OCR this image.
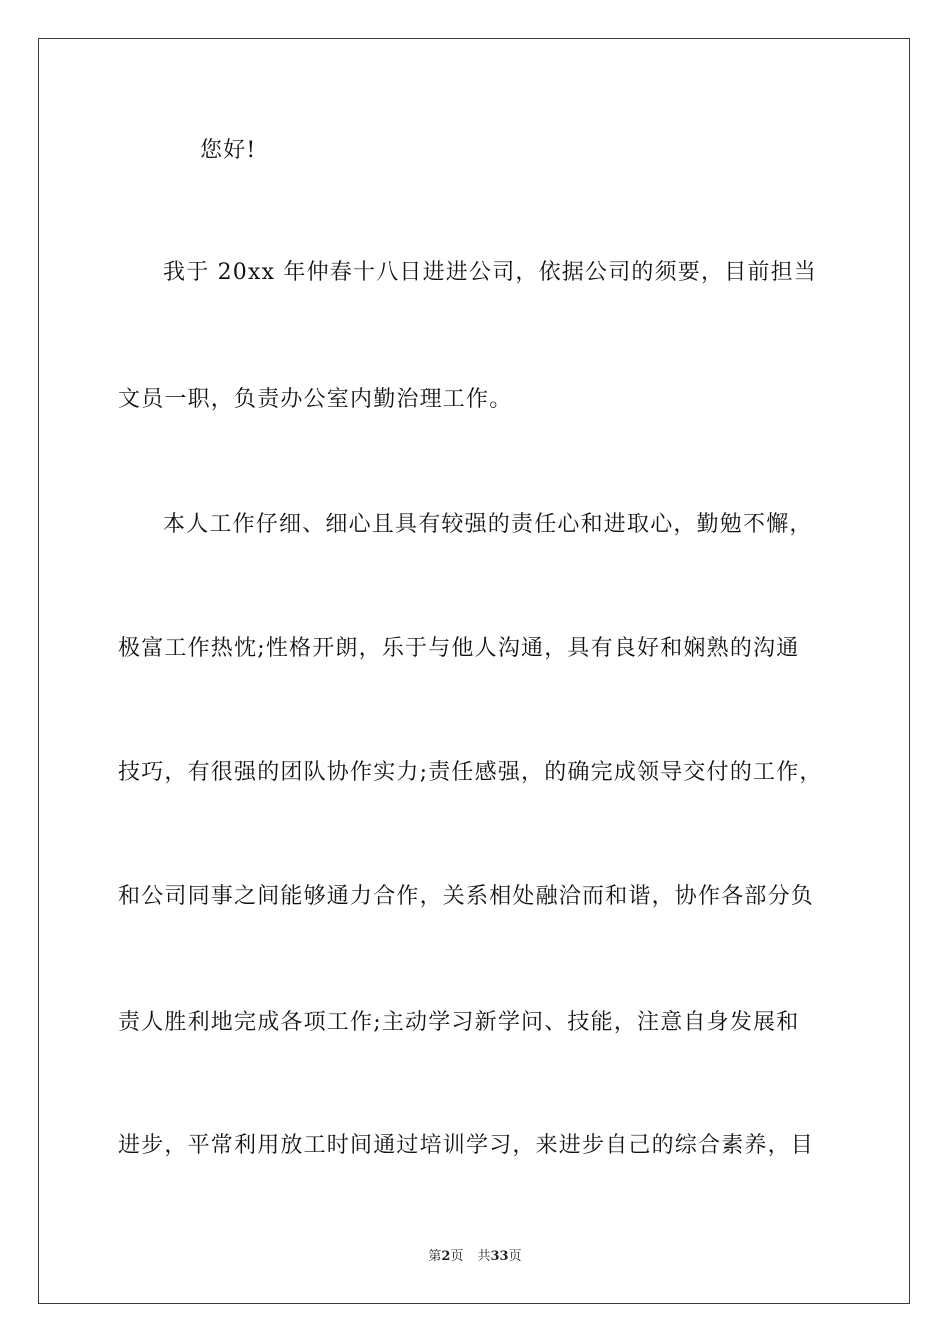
您好!
我于 20xx 年仲春十八日进进公司，依据公司的须要，目前担当
文员一职，负责办公室内勤治理工作。
本人工作仔细、细心且具有较强的责任心和进取心，勤勉不懈，
极富工作热忱;性格开朗，乐于与他人沟通，具有良好和娴熟的沟通
技巧，有很强的团队协作实力;责任感强，的确完成领导交付的工作，
和公司同事之间能够通力合作，关系相处融洽而和谐，协作各部分负
责人胜利地完成各项工作;主动学习新学问、技能，注意自身发展和
进步，平常利用放工时间通过培训学习，来进步自己的综合素养，目
第2页 共33页
